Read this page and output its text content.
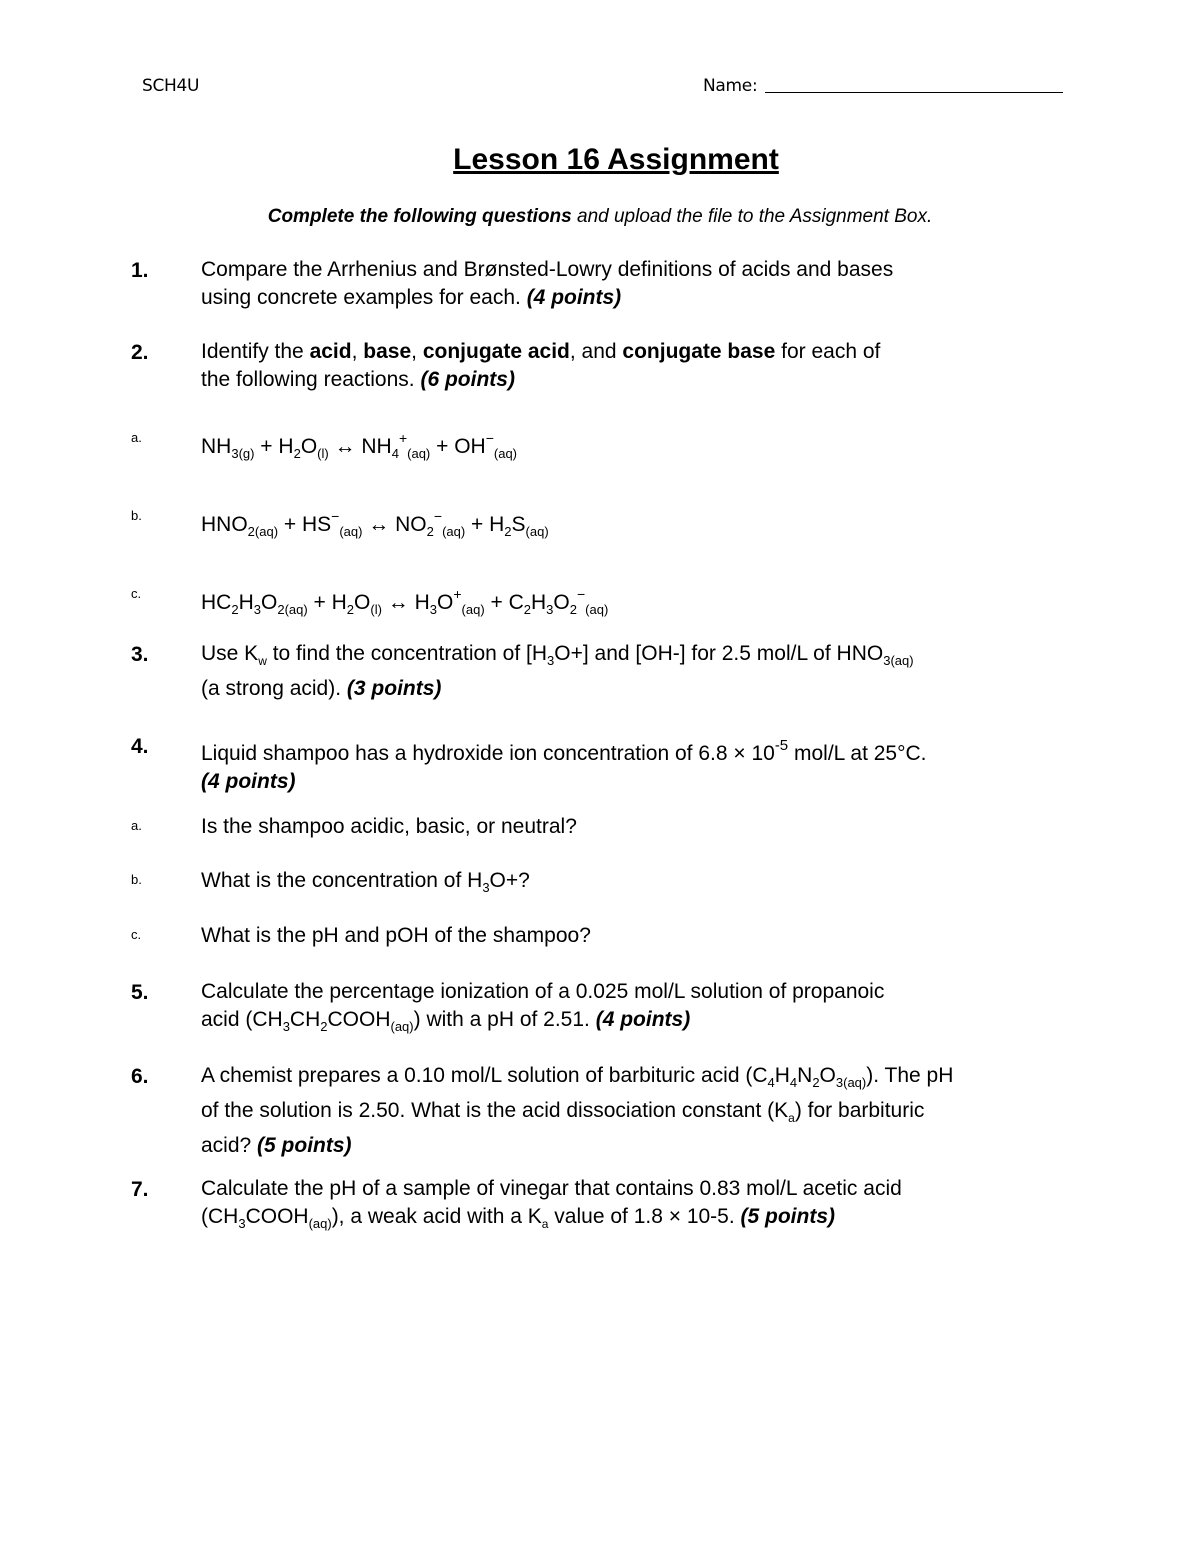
SCH4U	Name:
Lesson 16 Assignment
Complete the following questions and upload the file to the Assignment Box.
1. Compare the Arrhenius and Brønsted-Lowry definitions of acids and bases
using concrete examples for each. (4 points)
2. Identify the acid, base, conjugate acid, and conjugate base for each of
the following reactions. (6 points)
a.	$NH_{3(g)} + H_2O_{(l)}$ ↔ $NH_4^+_{(aq)} + OH^-_{(aq)}$
b.	$HNO_{2(aq)} + HS^-_{(aq)}$ ↔ $NO_2^-_{(aq)} + H_2S_{(aq)}$
c.	$HC_2H_3O_{2(aq)} + H_2O_{(l)}$ ↔ $H_3O^+_{(aq)} + C_2H_3O_2^-_{(aq)}$
3. Use $K_w$ to find the concentration of $[H_3O+]$ and [OH-] for 2.5 mol/L of $HNO_{3(aq)}$
(a strong acid). (3 points)
4. Liquid shampoo has a hydroxide ion concentration of $6.8 \times 10^{-5}$ mol/L at 25°C.
(4 points)
a.	Is the shampoo acidic, basic, or neutral?
b.	What is the concentration of $H_3O+$?
c.	What is the pH and pOH of the shampoo?
5. Calculate the percentage ionization of a 0.025 mol/L solution of propanoic
acid $(CH_3CH_2COOH_{(aq)})$ with a pH of 2.51. (4 points)
6. A chemist prepares a 0.10 mol/L solution of barbituric acid $(C_4H_4N_2O_{3(aq)})$. The pH
of the solution is 2.50. What is the acid dissociation constant $(K_a)$ for barbituric
acid? (5 points)
7. Calculate the pH of a sample of vinegar that contains 0.83 mol/L acetic acid
$(CH_3COOH_{(aq)})$, a weak acid with a $K_a$ value of 1.8 × 10-5. (5 points)
